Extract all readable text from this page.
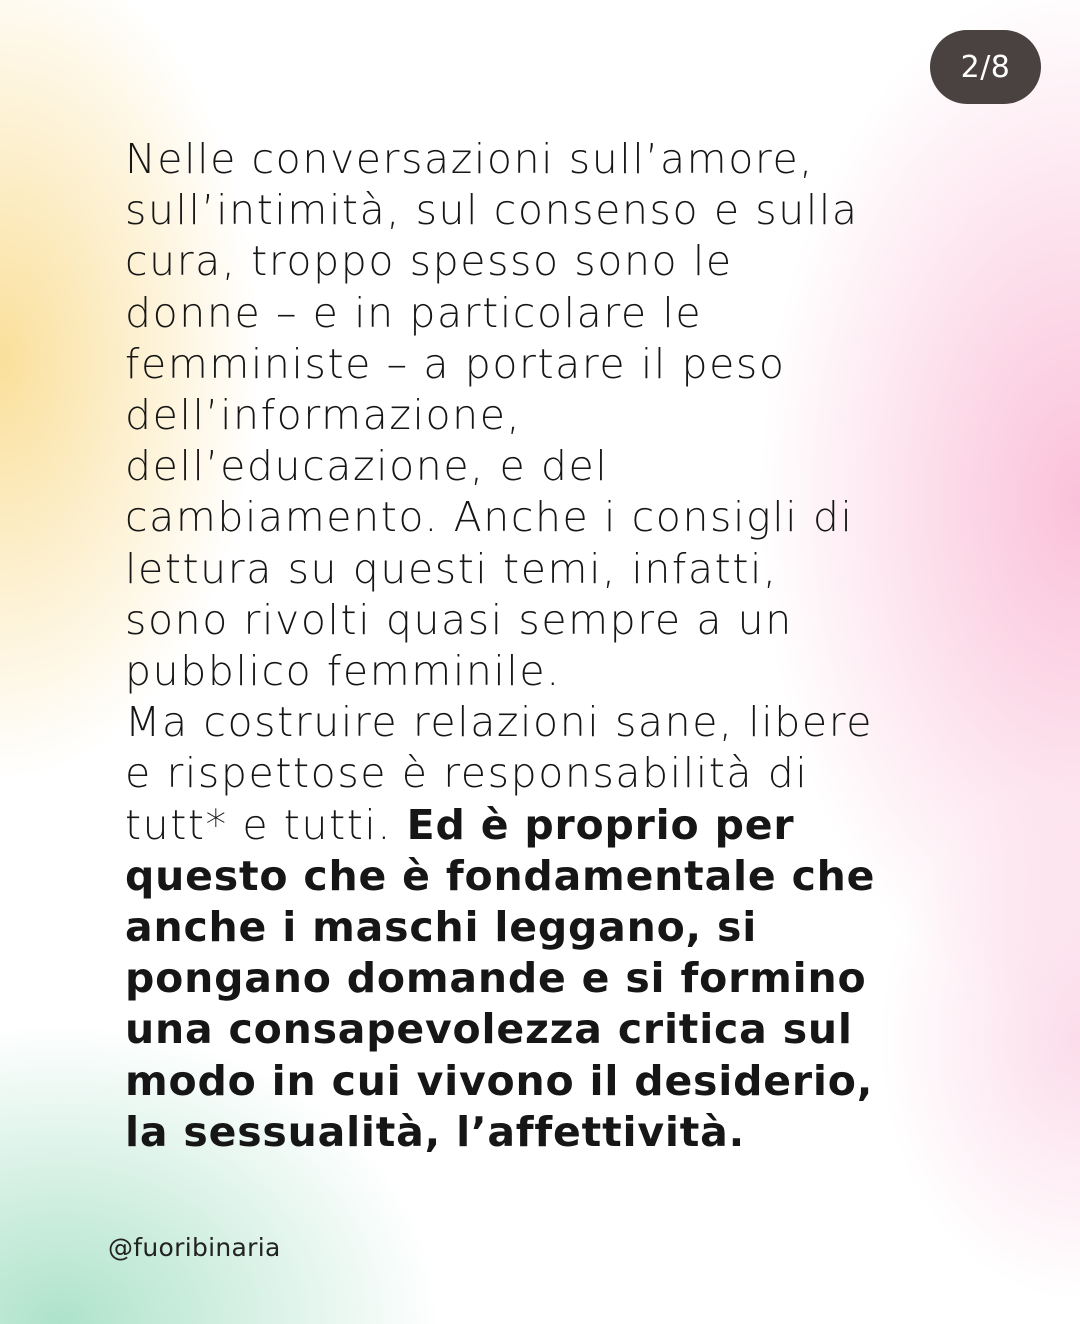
2/8

Nelle conversazioni sull’amore,
sull’intimità, sul consenso e sulla
cura, troppo spesso sono le
donne – e in particolare le
femministe – a portare il peso
dell’informazione,
dell’educazione, e del
cambiamento. Anche i consigli di
lettura su questi temi, infatti,
sono rivolti quasi sempre a un
pubblico femminile.
Ma costruire relazioni sane, libere
e rispettose è responsabilità di
tutt* e tutti. Ed è proprio per
questo che è fondamentale che
anche i maschi leggano, si
pongano domande e si formino
una consapevolezza critica sul
modo in cui vivono il desiderio,
la sessualità, l’affettività.

@fuoribinaria
